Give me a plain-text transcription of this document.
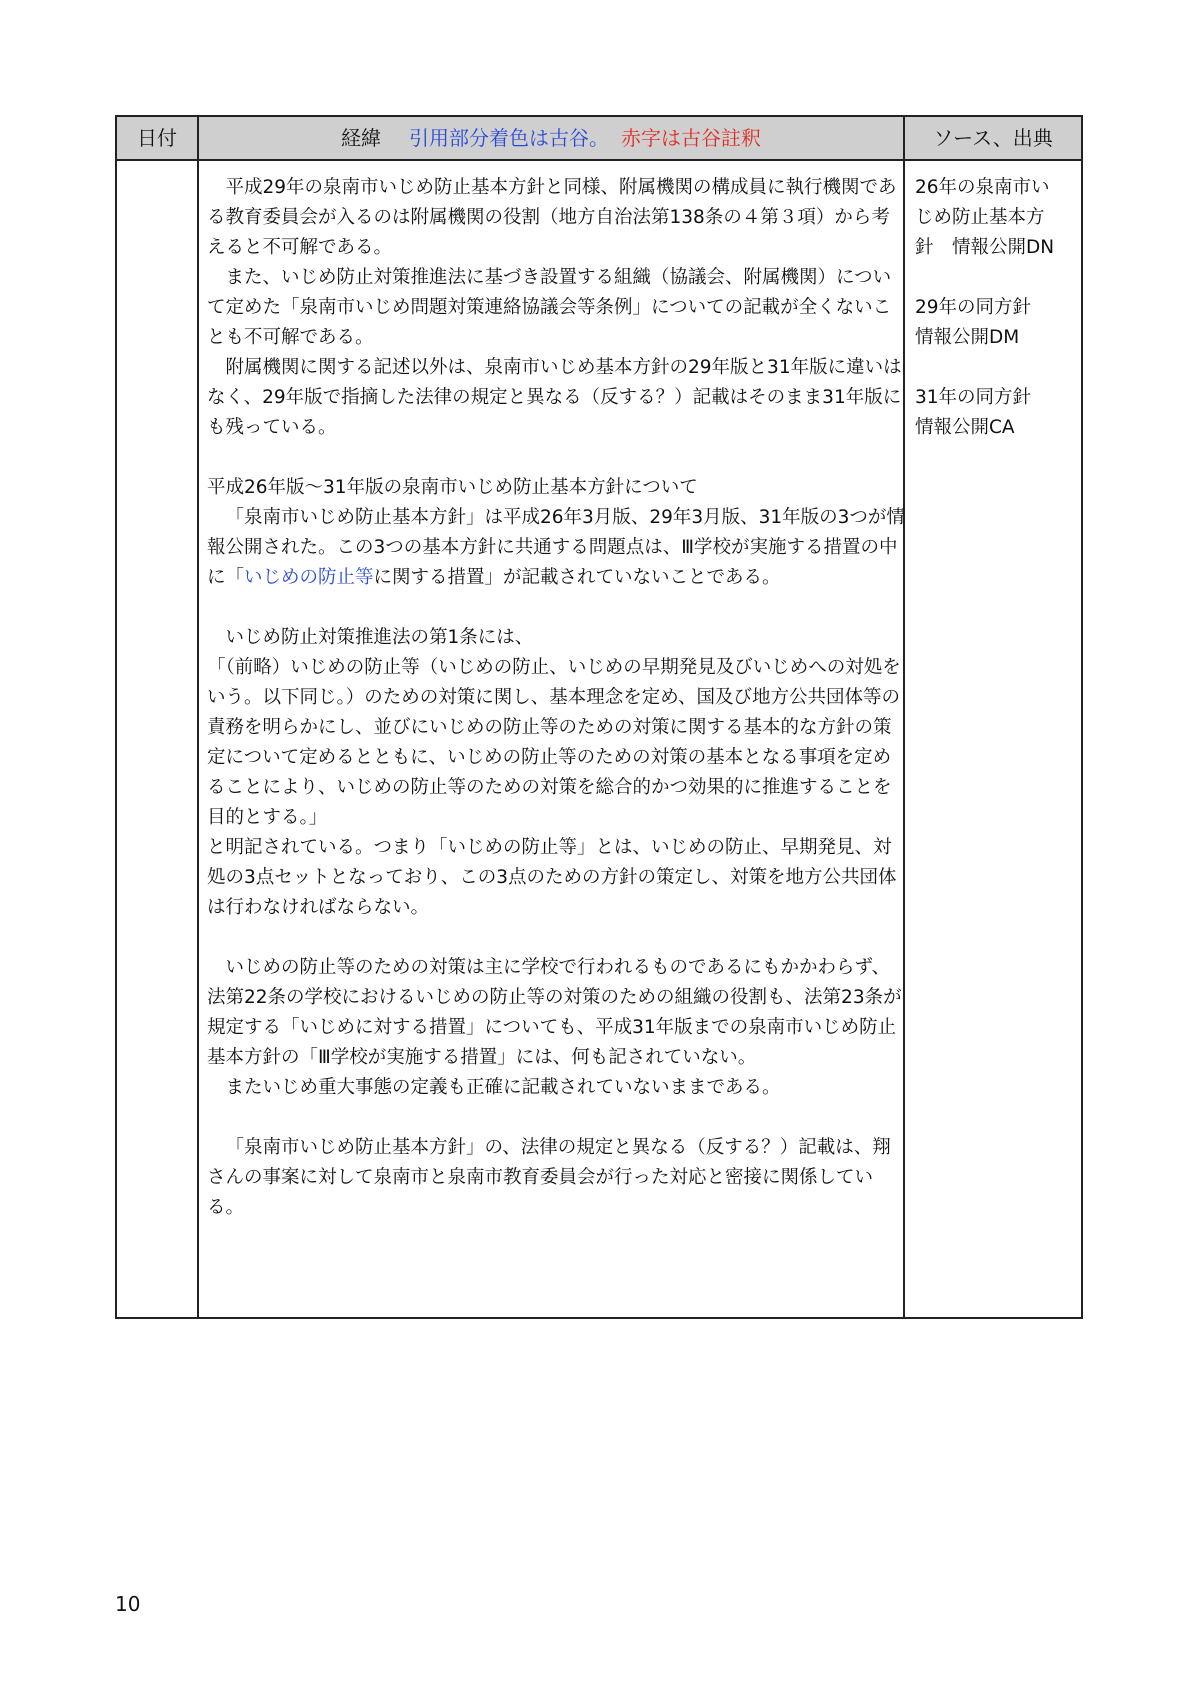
日付	経緯 引用部分着色は古谷。 赤字は古谷註釈	ソース、出典

平成29年の泉南市いじめ防止基本方針と同様、附属機関の構成員に執行機関である教育委員会が入るのは附属機関の役割（地方自治法第138条の４第３項）から考えると不可解である。

また、いじめ防止対策推進法に基づき設置する組織（協議会、附属機関）について定めた「泉南市いじめ問題対策連絡協議会等条例」についての記載が全くないことも不可解である。

附属機関に関する記述以外は、泉南市いじめ基本方針の29年版と31年版に違いはなく、29年版で指摘した法律の規定と異なる（反する？）記載はそのまま31年版にも残っている。

平成26年版〜31年版の泉南市いじめ防止基本方針について

「泉南市いじめ防止基本方針」は平成26年3月版、29年3月版、31年版の3つが情報公開された。この3つの基本方針に共通する問題点は、Ⅲ学校が実施する措置の中に「いじめの防止等に関する措置」が記載されていないことである。

いじめ防止対策推進法の第1条には、

「（前略）いじめの防止等（いじめの防止、いじめの早期発見及びいじめへの対処をいう。以下同じ。）のための対策に関し、基本理念を定め、国及び地方公共団体等の責務を明らかにし、並びにいじめの防止等のための対策に関する基本的な方針の策定について定めるとともに、いじめの防止等のための対策の基本となる事項を定めることにより、いじめの防止等のための対策を総合的かつ効果的に推進することを目的とする。」

と明記されている。つまり「いじめの防止等」とは、いじめの防止、早期発見、対処の3点セットとなっており、この3点のための方針の策定し、対策を地方公共団体は行わなければならない。

いじめの防止等のための対策は主に学校で行われるものであるにもかかわらず、法第22条の学校におけるいじめの防止等の対策のための組織の役割も、法第23条が規定する「いじめに対する措置」についても、平成31年版までの泉南市いじめ防止基本方針の「Ⅲ学校が実施する措置」には、何も記されていない。

またいじめ重大事態の定義も正確に記載されていないままである。

「泉南市いじめ防止基本方針」の、法律の規定と異なる（反する？）記載は、翔さんの事案に対して泉南市と泉南市教育委員会が行った対応と密接に関係している。

26年の泉南市い
じめ防止基本方
針　情報公開DN
29年の同方針
情報公開DM
31年の同方針
情報公開CA
10
